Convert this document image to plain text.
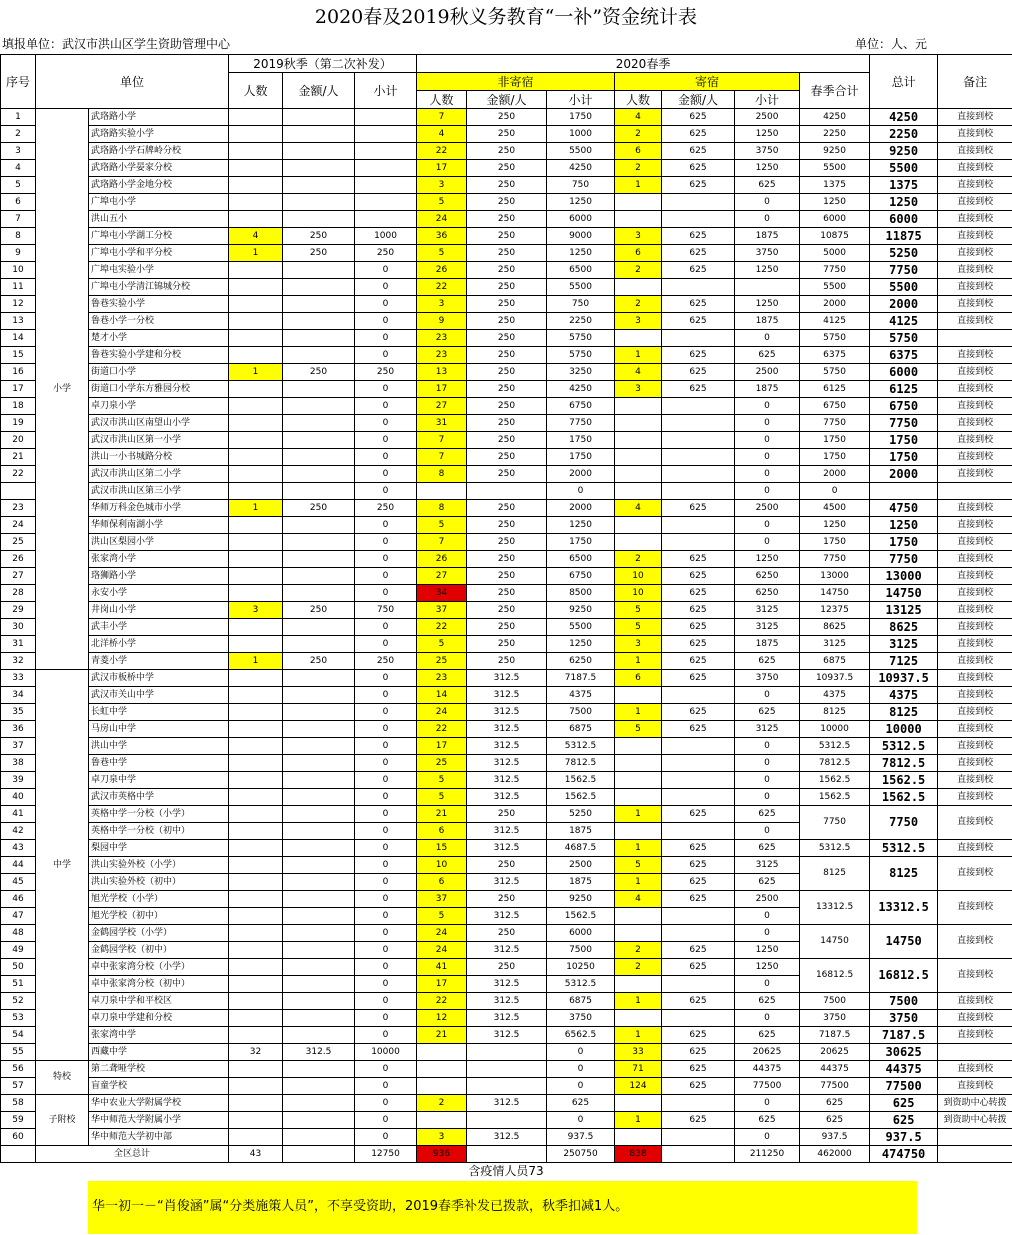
2020春及2019秋义务教育“一补”资金统计表
填报单位：武汉市洪山区学生资助管理中心	单位：人、元
序号	单位		2019秋季（第二次补发）			2020春季							总计	备注
			人数	金额/人	小计	非寄宿			寄宿			春季合计		
						人数	金额/人	小计	人数	金额/人	小计			
1	小学	武珞路小学				7	250	1750	4	625	2500	4250	4250	直接到校
2		武珞路实验小学				4	250	1000	2	625	1250	2250	2250	直接到校
3		武珞路小学石牌岭分校				22	250	5500	6	625	3750	9250	9250	直接到校
4		武珞路小学晏家分校				17	250	4250	2	625	1250	5500	5500	直接到校
5		武珞路小学金地分校				3	250	750	1	625	625	1375	1375	直接到校
6		广埠屯小学				5	250	1250			0	1250	1250	直接到校
7		洪山五小				24	250	6000			0	6000	6000	直接到校
8		广埠屯小学湖工分校	4	250	1000	36	250	9000	3	625	1875	10875	11875	直接到校
9		广埠屯小学和平分校	1	250	250	5	250	1250	6	625	3750	5000	5250	直接到校
10		广埠屯实验小学			0	26	250	6500	2	625	1250	7750	7750	直接到校
11		广埠屯小学清江锦城分校			0	22	250	5500				5500	5500	直接到校
12		鲁巷实验小学			0	3	250	750	2	625	1250	2000	2000	直接到校
13		鲁巷小学一分校			0	9	250	2250	3	625	1875	4125	4125	直接到校
14		楚才小学			0	23	250	5750			0	5750	5750	
15		鲁巷实验小学建和分校			0	23	250	5750	1	625	625	6375	6375	直接到校
16		街道口小学	1	250	250	13	250	3250	4	625	2500	5750	6000	直接到校
17		街道口小学东方雅园分校			0	17	250	4250	3	625	1875	6125	6125	直接到校
18		卓刀泉小学			0	27	250	6750			0	6750	6750	直接到校
19		武汉市洪山区南望山小学			0	31	250	7750			0	7750	7750	直接到校
20		武汉市洪山区第一小学			0	7	250	1750			0	1750	1750	直接到校
21		洪山一小书城路分校			0	7	250	1750			0	1750	1750	直接到校
22		武汉市洪山区第二小学			0	8	250	2000			0	2000	2000	直接到校
		武汉市洪山区第三小学			0			0			0	0		
23		华师万科金色城市小学	1	250	250	8	250	2000	4	625	2500	4500	4750	直接到校
24		华师保利南湖小学			0	5	250	1250			0	1250	1250	直接到校
25		洪山区梨园小学			0	7	250	1750			0	1750	1750	直接到校
26		张家湾小学			0	26	250	6500	2	625	1250	7750	7750	直接到校
27		珞狮路小学			0	27	250	6750	10	625	6250	13000	13000	直接到校
28		永安小学			0	34	250	8500	10	625	6250	14750	14750	直接到校
29		井岗山小学	3	250	750	37	250	9250	5	625	3125	12375	13125	直接到校
30		武丰小学			0	22	250	5500	5	625	3125	8625	8625	直接到校
31		北洋桥小学			0	5	250	1250	3	625	1875	3125	3125	直接到校
32		青菱小学	1	250	250	25	250	6250	1	625	625	6875	7125	直接到校
33	中学	武汉市板桥中学			0	23	312.5	7187.5	6	625	3750	10937.5	10937.5	直接到校
34		武汉市关山中学			0	14	312.5	4375			0	4375	4375	直接到校
35		长虹中学			0	24	312.5	7500	1	625	625	8125	8125	直接到校
36		马房山中学			0	22	312.5	6875	5	625	3125	10000	10000	直接到校
37		洪山中学			0	17	312.5	5312.5			0	5312.5	5312.5	直接到校
38		鲁巷中学			0	25	312.5	7812.5			0	7812.5	7812.5	直接到校
39		卓刀泉中学			0	5	312.5	1562.5			0	1562.5	1562.5	直接到校
40		武汉市英格中学			0	5	312.5	1562.5			0	1562.5	1562.5	直接到校
41		英格中学一分校（小学）			0	21	250	5250	1	625	625	7750	7750	直接到校
42		英格中学一分校（初中）			0	6	312.5	1875			0			
43		梨园中学			0	15	312.5	4687.5	1	625	625	5312.5	5312.5	直接到校
44		洪山实验外校（小学）			0	10	250	2500	5	625	3125	8125	8125	直接到校
45		洪山实验外校（初中）			0	6	312.5	1875	1	625	625			
46		旭光学校（小学）			0	37	250	9250	4	625	2500	13312.5	13312.5	直接到校
47		旭光学校（初中）			0	5	312.5	1562.5			0			
48		金鹤园学校（小学）			0	24	250	6000			0	14750	14750	直接到校
49		金鹤园学校（初中）			0	24	312.5	7500	2	625	1250			
50		卓中张家湾分校（小学）			0	41	250	10250	2	625	1250	16812.5	16812.5	直接到校
51		卓中张家湾分校（初中）			0	17	312.5	5312.5			0			
52		卓刀泉中学和平校区			0	22	312.5	6875	1	625	625	7500	7500	直接到校
53		卓刀泉中学建和分校			0	12	312.5	3750			0	3750	3750	直接到校
54		张家湾中学			0	21	312.5	6562.5	1	625	625	7187.5	7187.5	直接到校
55		西藏中学	32	312.5	10000			0	33	625	20625	20625	30625	
56	特校	第二聋哑学校			0			0	71	625	44375	44375	44375	直接到校
57		盲童学校			0			0	124	625	77500	77500	77500	直接到校
58	子附校	华中农业大学附属学校			0	2	312.5	625			0	625	625	到资助中心转拨
59		华中师范大学附属小学			0			0	1	625	625	625	625	到资助中心转拨
60		华中师范大学初中部			0	3	312.5	937.5			0	937.5	937.5	
	全区总计		43		12750	936		250750	838		211250	462000	474750	
含疫情人员73
华一初一－“肖俊涵”属“分类施策人员”，不享受资助，2019春季补发已拨款，秋季扣减1人。
